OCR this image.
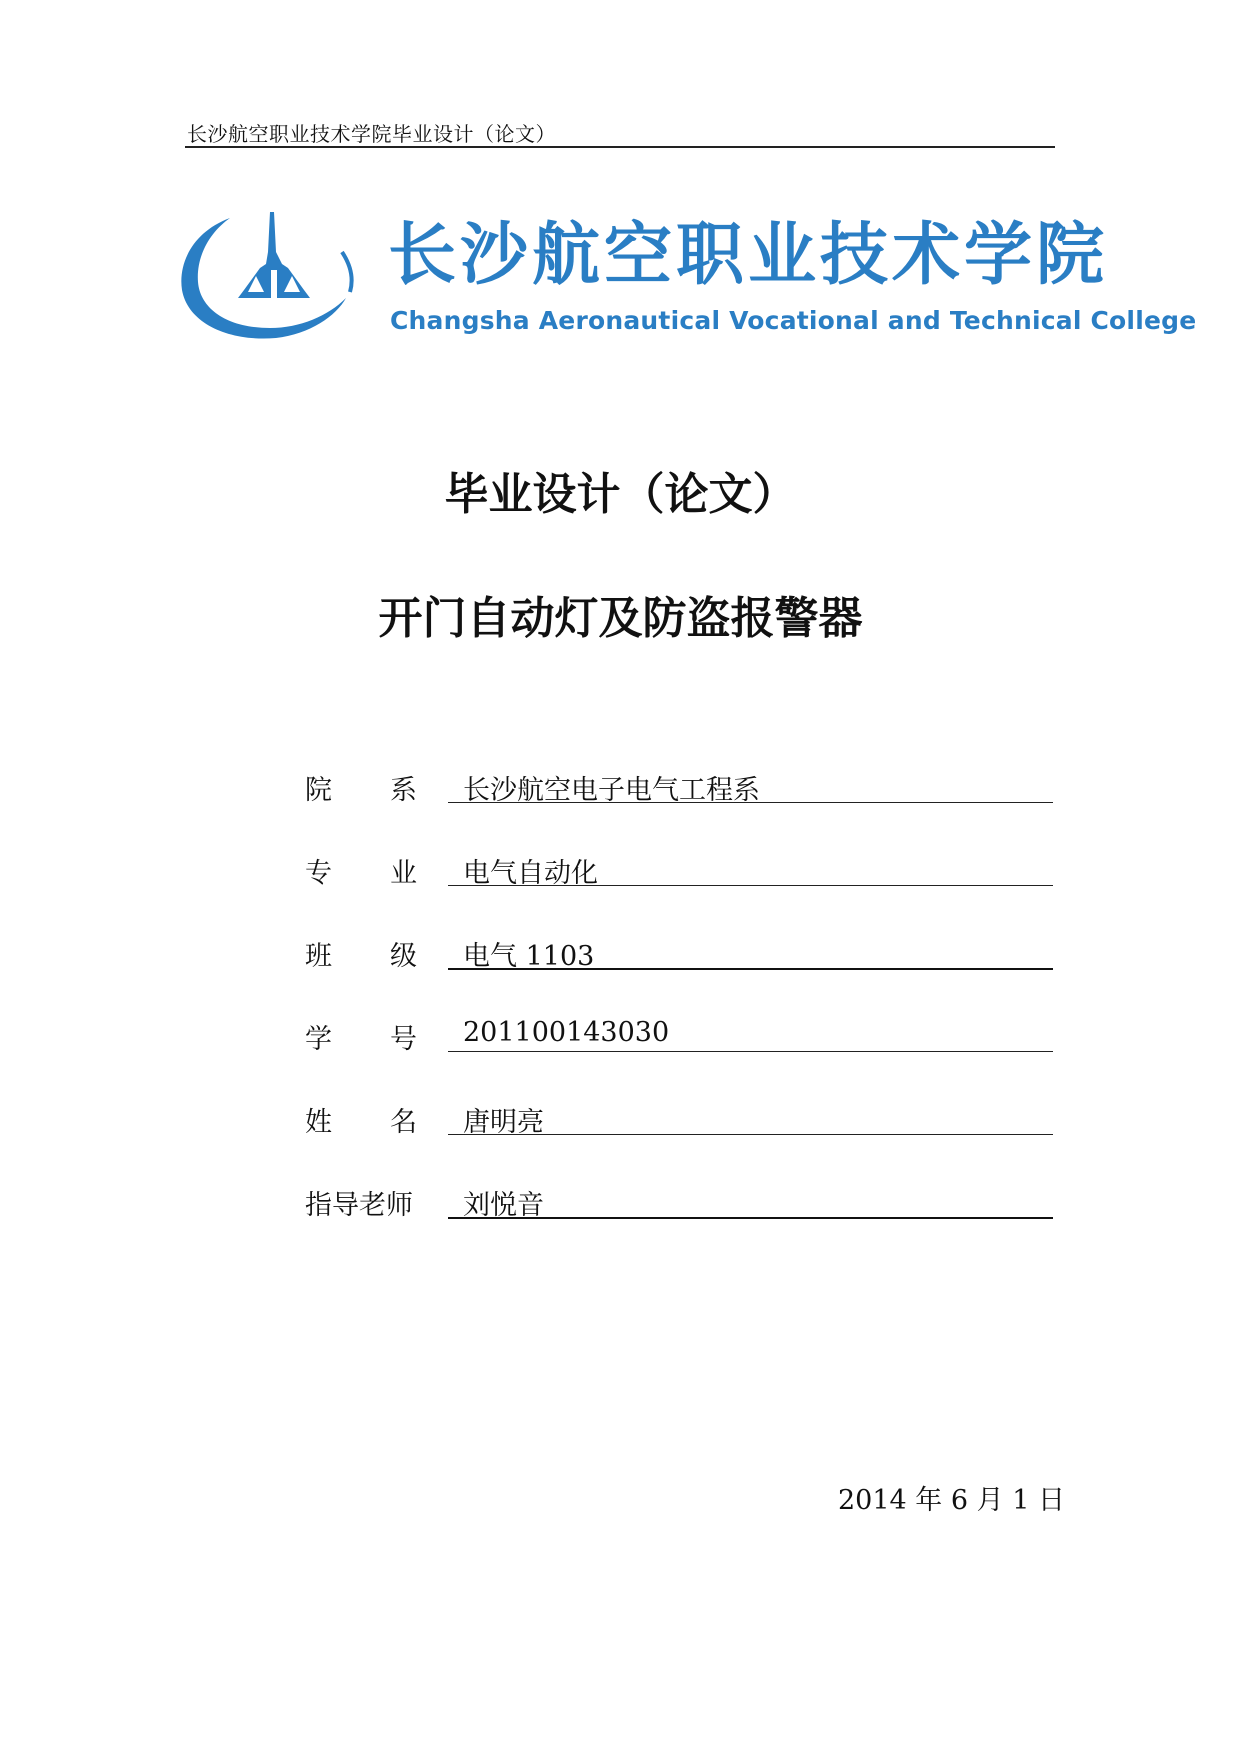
长沙航空职业技术学院毕业设计（论文）
长沙航空职业技术学院
Changsha Aeronautical Vocational and Technical College
毕业设计（论文）
开门自动灯及防盗报警器
院 系 长沙航空电子电气工程系
专 业 电气自动化
班 级 电气 1103
学 号 201100143030
姓 名 唐明亮
指导老师 刘悦音
2014 年 6 月 1 日
